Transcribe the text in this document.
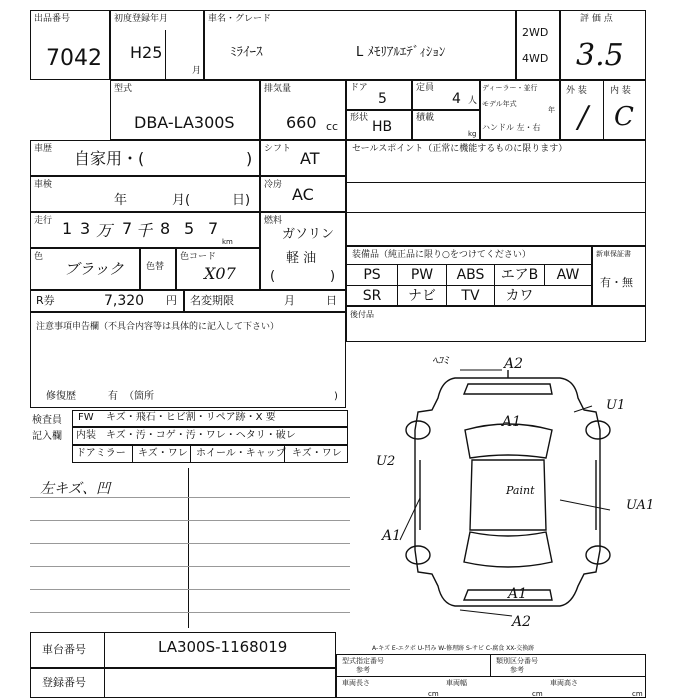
出品番号
7042
初度登録年月
H25
月
車名・グレード
ﾐﾗｲｰｽ	L ﾒﾓﾘｱﾙｴﾃﾞｨｼｮﾝ
2WD
4WD
評 価 点
3.5
型式
DBA-LA300S
排気量
660 cc
ドア
5
定員
4 人
形状
HB
積載
kg
ディーラー・並行
モデル年式
年
ハンドル 左・右
外 装	内 装
/ C
車歴 自家用・(	) シフト AT	セールスポイント（正常に機能するものに限ります）
車検
年	月(	日)
冷房 AC
走行 1 3 万 7 千 8 5 7
km
燃料
ガソリン
軽 油
(	)
色
ブラック 色替
色コード
X07
装備品（純正品に限り○をつけてください）
PS	PW	ABS	エアB	AW
SR	ナビ	TV	カワ
新車保証書
有・無
R券	7,320 円 名変期限	月	日
後付品
注意事項申告欄（不具合内容等は具体的に記入して下さい）
修復歴	有 （箇所	)
検査員
記入欄
FW キズ・飛石・ヒビ割・リペア跡・X 要
内装 キズ・汚・コゲ・汚・ワレ・ヘタリ・破レ
ドアミラー キズ・ワレ ホイール・キャップ キズ・ワレ
左キズ、凹
ﾍｺﾐ	A2
A1
U1
U2
Paint
UA1
A1
A1
A2
車台番号	LA300S-1168019
登録番号
A-キズ E-エクボ U-凹み W-修理跡 S-サビ C-腐食 XX-交換跡
型式指定番号
参考
類別区分番号
参考
車両長さ	車両幅	車両高さ
cm	cm	cm
